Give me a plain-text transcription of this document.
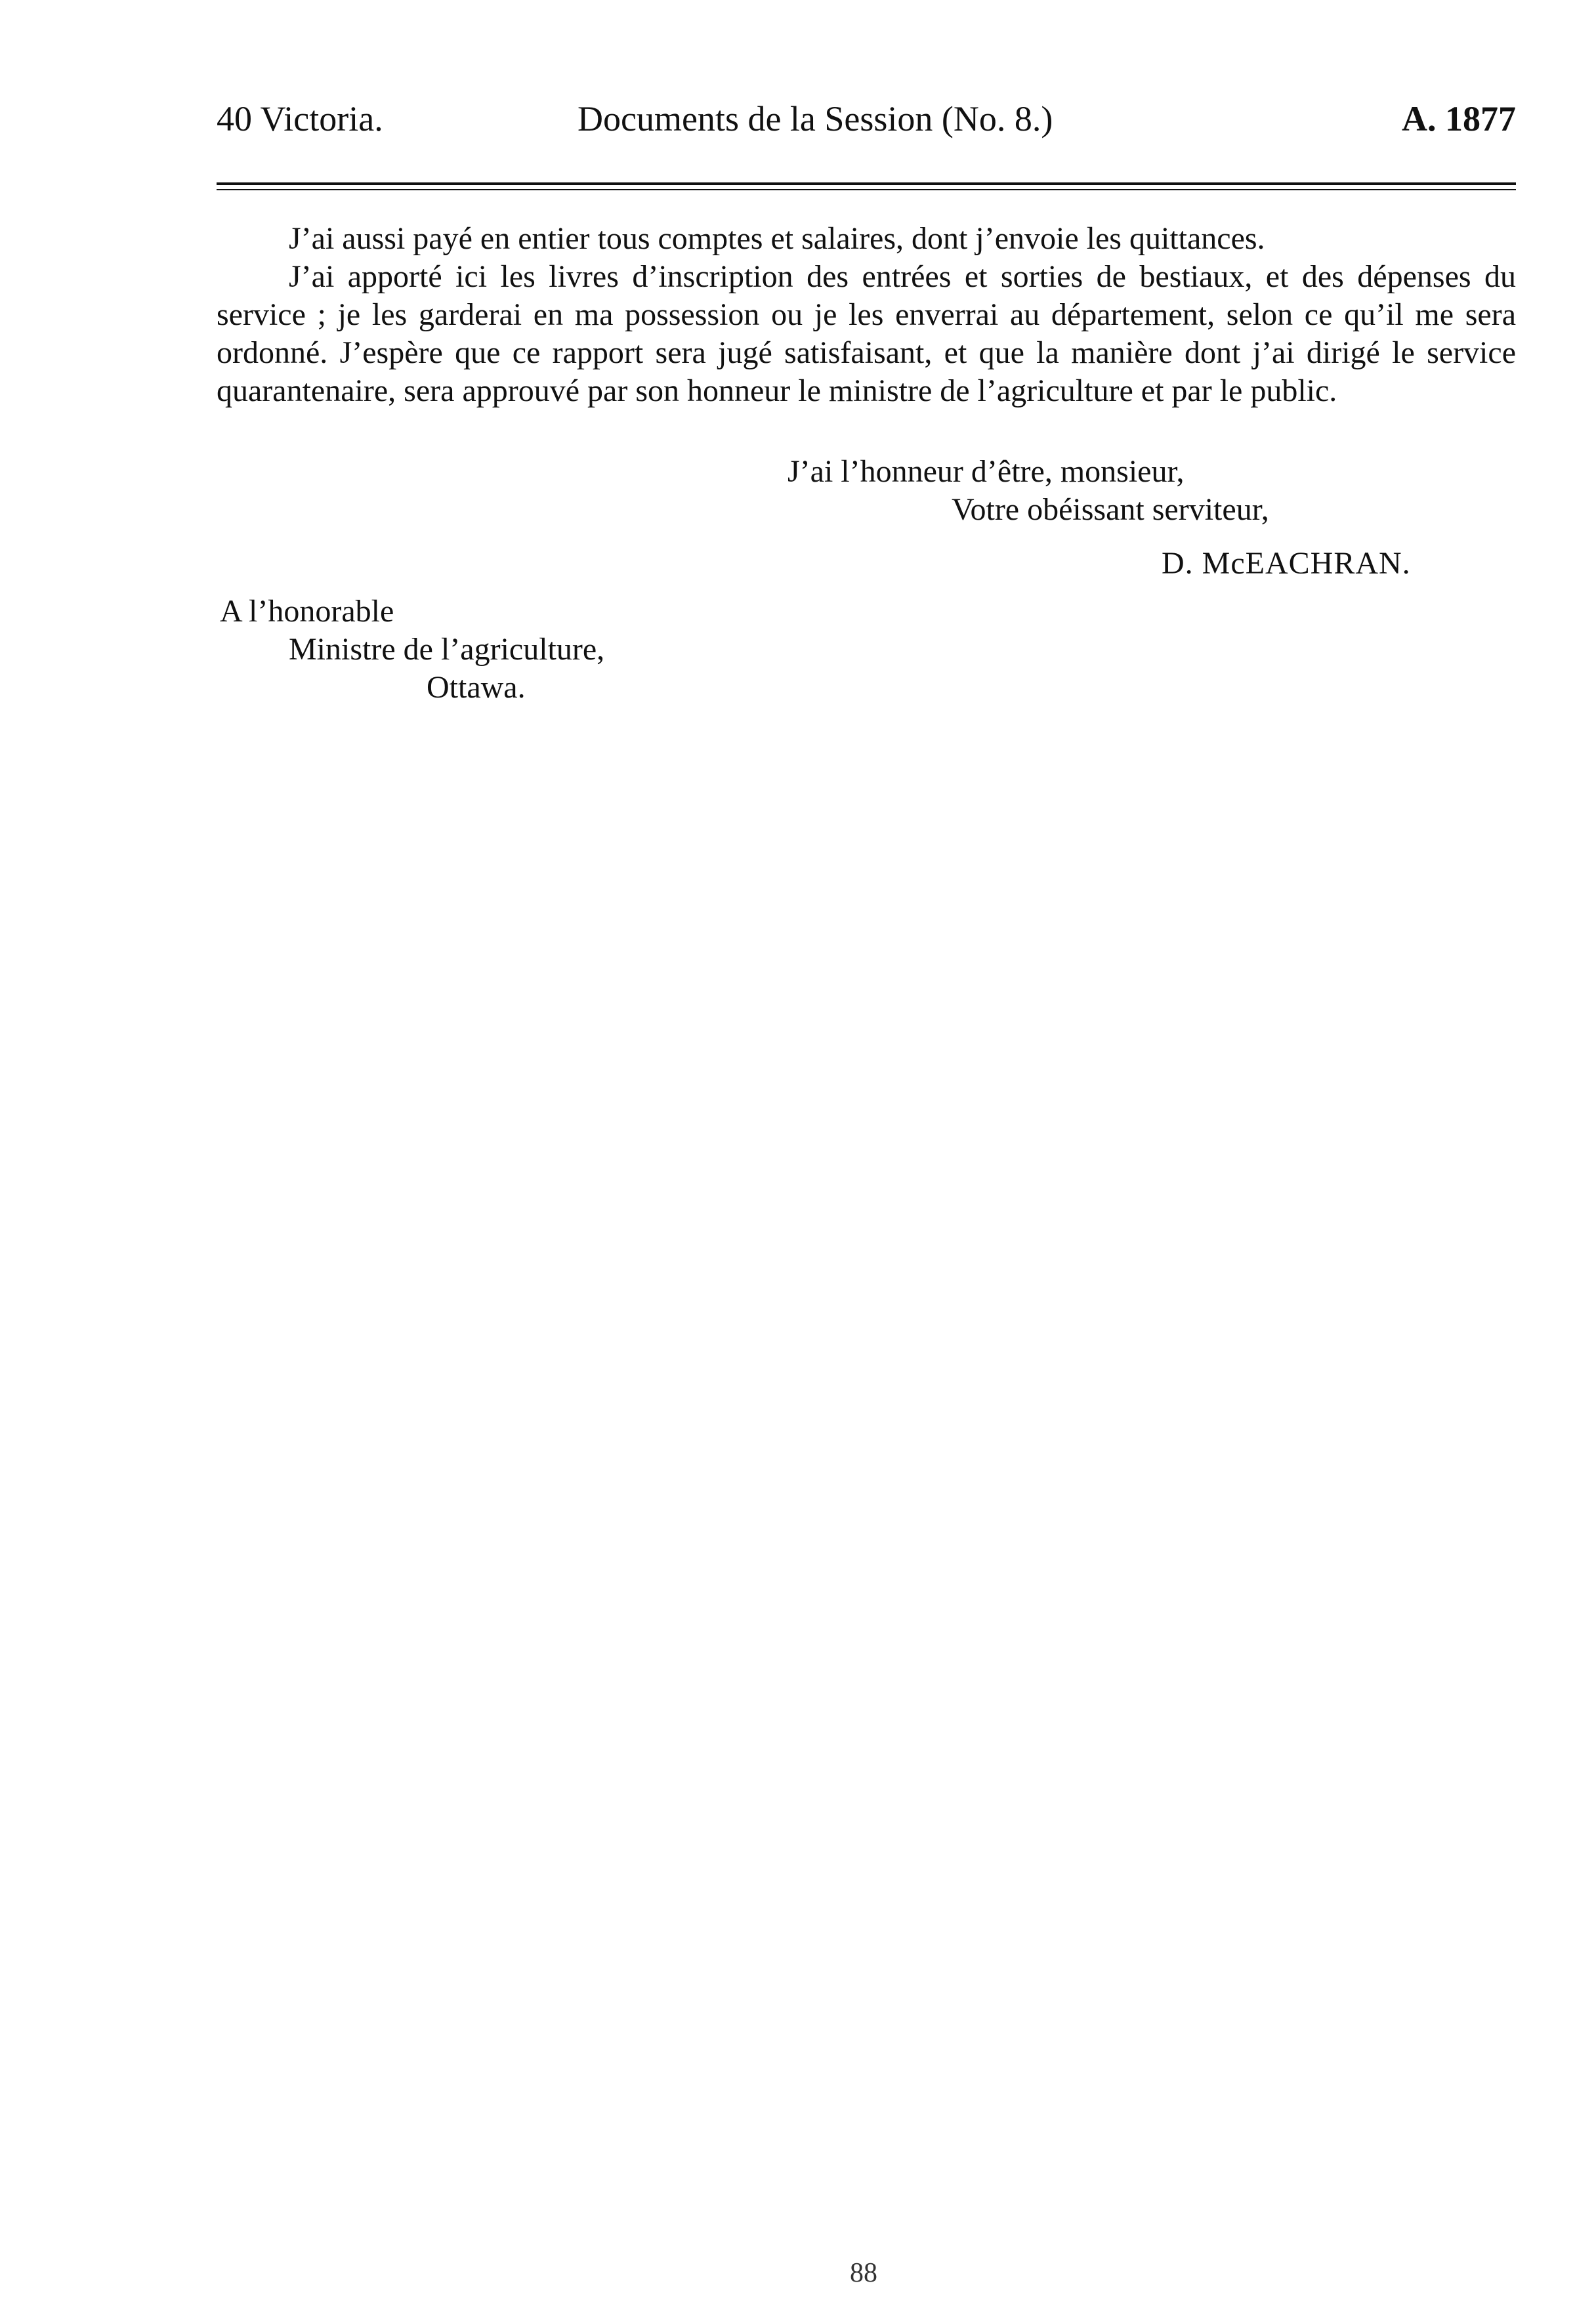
40 Victoria.	Documents de la Session (No. 8.)	A. 1877

J’ai aussi payé en entier tous comptes et salaires, dont j’envoie les quittances.

J’ai apporté ici les livres d’inscription des entrées et sorties de bestiaux, et des dépenses du service ; je les garderai en ma possession ou je les enverrai au département, selon ce qu’il me sera ordonné. J’espère que ce rapport sera jugé satisfaisant, et que la manière dont j’ai dirigé le service quarantenaire, sera approuvé par son honneur le ministre de l’agriculture et par le public.

J’ai l’honneur d’être, monsieur,
Votre obéissant serviteur,
D. McEACHRAN.
A l’honorable
Ministre de l’agriculture,
Ottawa.
88
